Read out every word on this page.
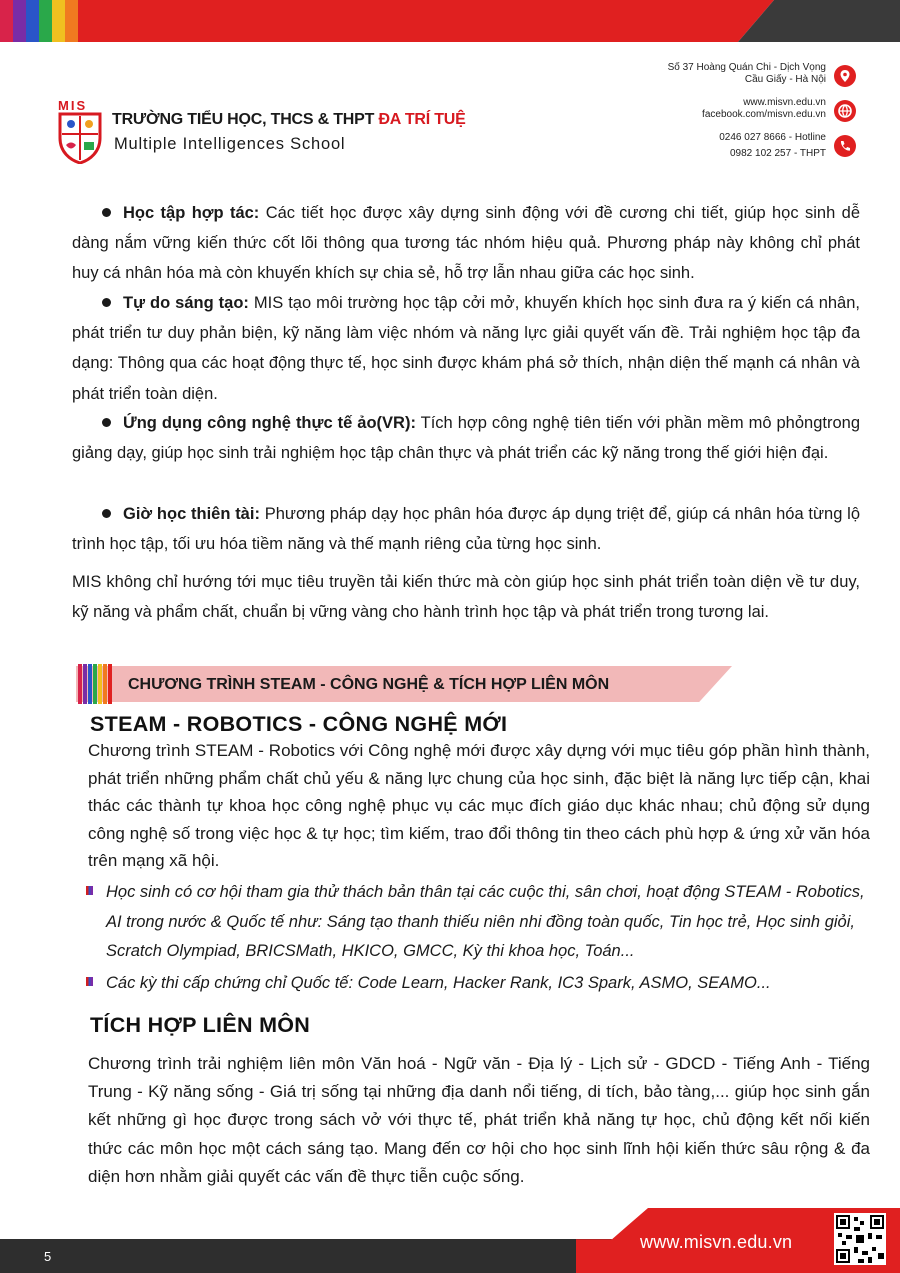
MIS
TRƯỜNG TIỂU HỌC, THCS & THPT ĐA TRÍ TUỆ
Multiple Intelligences School
Số 37 Hoàng Quán Chi - Dịch Vọng
Cầu Giấy - Hà Nội
www.misvn.edu.vn
facebook.com/misvn.edu.vn
0246 027 8666 - Hotline
0982 102 257 - THPT

Học tập hợp tác: Các tiết học được xây dựng sinh động với đề cương chi tiết, giúp học sinh dễ dàng nắm vững kiến thức cốt lõi thông qua tương tác nhóm hiệu quả. Phương pháp này không chỉ phát huy cá nhân hóa mà còn khuyến khích sự chia sẻ, hỗ trợ lẫn nhau giữa các học sinh.

Tự do sáng tạo: MIS tạo môi trường học tập cởi mở, khuyến khích học sinh đưa ra ý kiến cá nhân, phát triển tư duy phản biện, kỹ năng làm việc nhóm và năng lực giải quyết vấn đề. Trải nghiệm học tập đa dạng: Thông qua các hoạt động thực tế, học sinh được khám phá sở thích, nhận diện thế mạnh cá nhân và phát triển toàn diện.

Ứng dụng công nghệ thực tế ảo(VR): Tích hợp công nghệ tiên tiến với phần mềm mô phỏngtrong giảng dạy, giúp học sinh trải nghiệm học tập chân thực và phát triển các kỹ năng trong thế giới hiện đại.

Giờ học thiên tài: Phương pháp dạy học phân hóa được áp dụng triệt để, giúp cá nhân hóa từng lộ trình học tập, tối ưu hóa tiềm năng và thế mạnh riêng của từng học sinh.

MIS không chỉ hướng tới mục tiêu truyền tải kiến thức mà còn giúp học sinh phát triển toàn diện về tư duy, kỹ năng và phẩm chất, chuẩn bị vững vàng cho hành trình học tập và phát triển trong tương lai.

CHƯƠNG TRÌNH STEAM - CÔNG NGHỆ & TÍCH HỢP LIÊN MÔN
STEAM - ROBOTICS - CÔNG NGHỆ MỚI

Chương trình STEAM - Robotics với Công nghệ mới được xây dựng với mục tiêu góp phần hình thành, phát triển những phẩm chất chủ yếu & năng lực chung của học sinh, đặc biệt là năng lực tiếp cận, khai thác các thành tự khoa học công nghệ phục vụ các mục đích giáo dục khác nhau; chủ động sử dụng công nghệ số trong việc học & tự học; tìm kiếm, trao đổi thông tin theo cách phù hợp & ứng xử văn hóa trên mạng xã hội.

Học sinh có cơ hội tham gia thử thách bản thân tại các cuộc thi, sân chơi, hoạt động STEAM - Robotics, AI trong nước & Quốc tế như: Sáng tạo thanh thiếu niên nhi đồng toàn quốc, Tin học trẻ, Học sinh giỏi, Scratch Olympiad, BRICSMath, HKICO, GMCC, Kỳ thi khoa học, Toán...

Các kỳ thi cấp chứng chỉ Quốc tế: Code Learn, Hacker Rank, IC3 Spark, ASMO, SEAMO...

TÍCH HỢP LIÊN MÔN

Chương trình trải nghiệm liên môn Văn hoá - Ngữ văn - Địa lý - Lịch sử - GDCD - Tiếng Anh - Tiếng Trung - Kỹ năng sống - Giá trị sống tại những địa danh nổi tiếng, di tích, bảo tàng,... giúp học sinh gắn kết những gì học được trong sách vở với thực tế, phát triển khả năng tự học, chủ động kết nối kiến thức các môn học một cách sáng tạo. Mang đến cơ hội cho học sinh lĩnh hội kiến thức sâu rộng & đa diện hơn nhằm giải quyết các vấn đề thực tiễn cuộc sống.

5
www.misvn.edu.vn
